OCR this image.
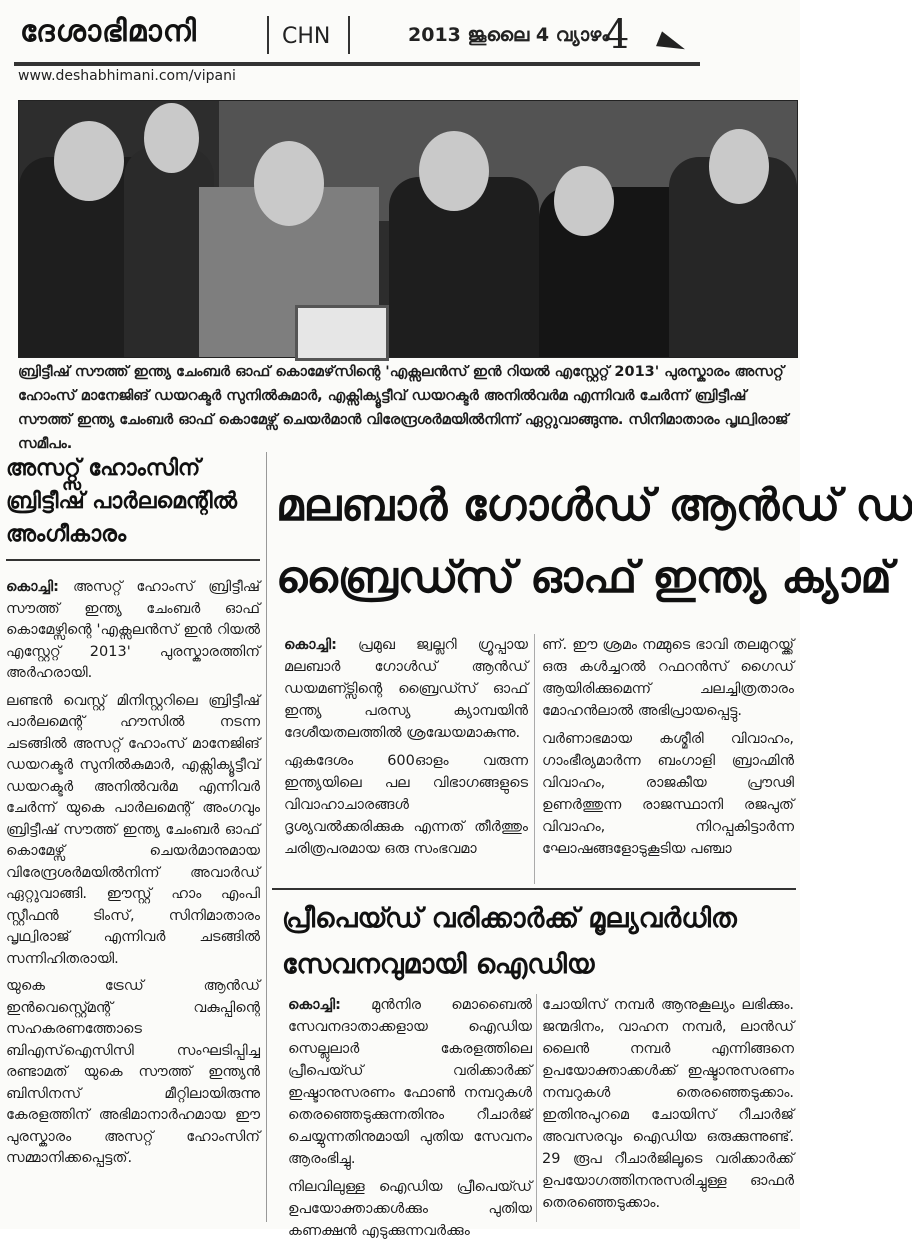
ദേശാഭിമാനി	CHN	2013 ജൂലൈ 4 വ്യാഴം
4
www.deshabhimani.com/vipani
ബ്രിട്ടീഷ് സൗത്ത് ഇന്ത്യ ചേംബർ ഓഫ് കൊമേഴ്‌സിന്റെ 'എക്സലൻസ് ഇൻ റിയൽ എസ്റ്റേറ്റ് 2013' പുരസ്കാരം അസറ്റ് ഹോംസ് മാനേജിങ് ഡയറക്ടർ സുനിൽകുമാർ, എക്സിക്യൂട്ടീവ് ഡയറക്ടർ അനിൽവർമ എന്നിവർ ചേർന്ന് ബ്രിട്ടീഷ് സൗത്ത് ഇന്ത്യ ചേംബർ ഓഫ് കൊമേഴ്സ് ചെയർമാൻ വിരേന്ദ്രശർമയിൽനിന്ന് ഏറ്റുവാങ്ങുന്നു. സിനിമാതാരം പൃഥ്വിരാജ് സമീപം.
അസറ്റ്സ് ഹോംസിന് ബ്രിട്ടീഷ് പാർലമെന്റിൽ അംഗീകാരം

കൊച്ചി: അസറ്റ് ഹോംസ് ബ്രിട്ടീഷ് സൗത്ത് ഇന്ത്യ ചേംബർ ഓഫ് കൊമേഴ്സിന്റെ 'എക്സലൻസ് ഇൻ റിയൽ എസ്റ്റേറ്റ് 2013' പുരസ്കാരത്തിന് അർഹരായി.

ലണ്ടൻ വെസ്റ്റ് മിനിസ്റ്ററിലെ ബ്രിട്ടീഷ് പാർലമെന്റ് ഹൗസിൽ നടന്ന ചടങ്ങിൽ അസറ്റ് ഹോംസ് മാനേജിങ് ഡയറക്ടർ സുനിൽകുമാർ, എക്സിക്യൂട്ടീവ് ഡയറക്ടർ അനിൽവർമ എന്നിവർ ചേർന്ന് യുകെ പാർലമെന്റ് അംഗവും ബ്രിട്ടീഷ് സൗത്ത് ഇന്ത്യ ചേംബർ ഓഫ് കൊമേഴ്സ് ചെയർമാനുമായ വിരേന്ദ്രശർമയിൽനിന്ന് അവാർഡ് ഏറ്റുവാങ്ങി. ഈസ്റ്റ് ഹാം എംപി സ്റ്റീഫൻ ടിംസ്, സിനിമാതാരം പൃഥ്വിരാജ് എന്നിവർ ചടങ്ങിൽ സന്നിഹിതരായി.

യുകെ ട്രേഡ് ആൻഡ് ഇൻവെസ്റ്റ്മെന്റ് വകുപ്പിന്റെ സഹകരണത്തോടെ ബിഎസ്ഐസിസി സംഘടിപ്പിച്ച രണ്ടാമത് യുകെ സൗത്ത് ഇന്ത്യൻ ബിസിനസ് മീറ്റിലായിരുന്നു കേരളത്തിന് അഭിമാനാർഹമായ ഈ പുരസ്കാരം അസറ്റ് ഹോംസിന് സമ്മാനിക്കപ്പെട്ടത്.

മലബാർ ഗോൾഡ് ആൻഡ് ഡ
ബ്രൈഡ്സ് ഓഫ് ഇന്ത്യ ക്യാമ്

കൊച്ചി: പ്രമുഖ ജ്വല്ലറി ഗ്രൂപ്പായ മലബാർ ഗോൾഡ് ആൻഡ് ഡയമണ്ട്സിന്റെ ബ്രൈഡ്സ് ഓഫ് ഇന്ത്യ പരസ്യ ക്യാമ്പയിൻ ദേശീയതലത്തിൽ ശ്രദ്ധേയമാകുന്നു.

ഏകദേശം 600ഓളം വരുന്ന ഇന്ത്യയിലെ പല വിഭാഗങ്ങളുടെ വിവാഹാചാരങ്ങൾ ദൃശ്യവൽക്കരിക്കുക എന്നത് തീർത്തും ചരിത്രപരമായ ഒരു സംഭവമാ

ണ്. ഈ ശ്രമം നമ്മുടെ ഭാവി തലമുറയ്ക്ക് ഒരു കൾച്ചറൽ റഫറൻസ് ഗൈഡ് ആയിരിക്കുമെന്ന് ചലച്ചിത്രതാരം മോഹൻലാൽ അഭിപ്രായപ്പെട്ടു.

വർണാഭമായ കശ്മീരി വിവാഹം, ഗാംഭീര്യമാർന്ന ബംഗാളി ബ്രാഹ്മിൻ വിവാഹം, രാജകീയ പ്രൗഢി ഉണർത്തുന്ന രാജസ്ഥാനി രജപുത് വിവാഹം, നിറപ്പകിട്ടാർന്ന ഘോഷങ്ങളോടുകൂടിയ പഞ്ചാ

പ്രീപെയ്ഡ് വരിക്കാർക്ക് മൂല്യവർധിത സേവനവുമായി ഐഡിയ

കൊച്ചി: മുൻനിര മൊബൈൽ സേവനദാതാക്കളായ ഐഡിയ സെല്ലുലാർ കേരളത്തിലെ പ്രീപെയ്ഡ് വരിക്കാർക്ക് ഇഷ്ടാനുസരണം ഫോൺ നമ്പറുകൾ തെരഞ്ഞെടുക്കുന്നതിനും റീചാർജ് ചെയ്യുന്നതിനുമായി പുതിയ സേവനം ആരംഭിച്ചു.

നിലവിലുള്ള ഐഡിയ പ്രീപെയ്ഡ് ഉപയോക്താക്കൾക്കും പുതിയ കണക്ഷൻ എടുക്കുന്നവർക്കും

ചോയിസ് നമ്പർ ആനുകൂല്യം ലഭിക്കും. ജന്മദിനം, വാഹന നമ്പർ, ലാൻഡ് ലൈൻ നമ്പർ എന്നിങ്ങനെ ഉപയോക്താക്കൾക്ക് ഇഷ്ടാനുസരണം നമ്പറുകൾ തെരഞ്ഞെടുക്കാം. ഇതിനുപുറമെ ചോയിസ് റീചാർജ് അവസരവും ഐഡിയ ഒരുക്കുന്നുണ്ട്. 29 രൂപ റീചാർജിലൂടെ വരിക്കാർക്ക് ഉപയോഗത്തിനനുസരിച്ചുള്ള ഓഫർ തെരഞ്ഞെടുക്കാം.
